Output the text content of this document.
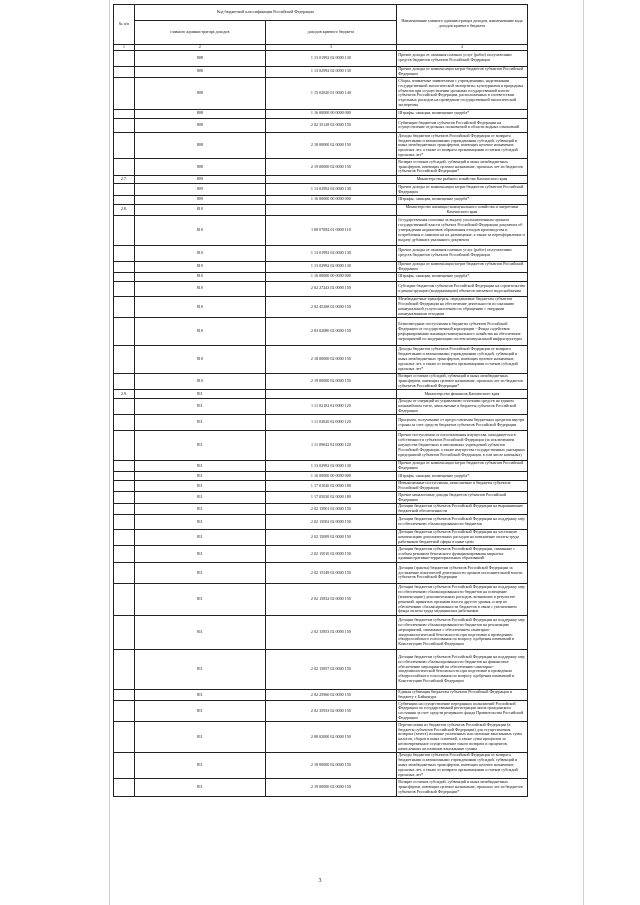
№ п/п	Код бюджетной классификации Российской Федерации		Наименование главного администратора доходов, наименование кода доходов краевого бюджета
	главного администратора доходов	доходов краевого бюджета	
1	2	3	4
	808	1 13 01992 02 0000 130	Прочие доходы от оказания платных услуг (работ) получателями средств бюджетов субъектов Российской Федерации
	808	1 13 02992 02 0000 130	Прочие доходы от компенсации затрат бюджетов субъектов Российской Федерации
	808	1 15 02020 01 0000 140	Сборы, взимаемые заявителями с учреждениями, наделенными государственной экологической экспертизы, культурными и природных объектов при осуществлении органами государственной власти субъектов Российской Федерации, расположенных в соответствии отдельных расходов на проведение государственной экологической экспертизы
	808	1 16 00000 00 0000 000	Штрафы, санкции, возмещение ущерба*
	808	2 02 35128 02 0000 150	Субвенции бюджетам субъектов Российской Федерации на осуществление отдельных полномочий в области водных отношений
	808	2 18 00000 02 0000 150	Доходы бюджетов субъектов Российской Федерации от возврата бюджетными и автономными учреждениями субсидий, субвенций и иных межбюджетных трансфертов, имеющих целевое назначение, прошлых лет, а также от возврата организациями остатков субсидий прошлых лет*
	808	2 19 00000 02 0000 150	Возврат остатков субсидий, субвенций и иных межбюджетных трансфертов, имеющих целевое назначение, прошлых лет из бюджетов субъектов Российской Федерации*
2.7.	809		Министерство рыбного хозяйства Камчатского края
	809	1 13 02992 02 0000 130	Прочие доходы от компенсации затрат бюджетов субъектов Российской Федерации
	809	1 16 00000 00 0000 000	Штрафы, санкции, возмещение ущерба*
2.8.	810		Министерство жилищно-коммунального хозяйства и энергетики Камчатского края
	810	1 08 07082 01 0000 110	Государственная пошлина за выдачу уполномоченным органом государственной власти субъекта Российской Федерации документа об утверждении нормативов образования отходов производства и потребления и лимитов на их размещение, а также за переоформление и выдачу дубликата указанного документа
	810	1 13 01992 02 0000 130	Прочие доходы от оказания платных услуг (работ) получателями средств бюджетов субъектов Российской Федерации
	810	1 13 02992 02 0000 130	Прочие доходы от компенсации затрат бюджетов субъектов Российской Федерации
	810	1 16 00000 00 0000 000	Штрафы, санкции, возмещение ущерба*
	810	2 02 27243 02 0000 150	Субсидии бюджетам субъектов Российской Федерации на строительство и реконструкцию (модернизацию) объектов питьевого водоснабжения
	810	2 02 45268 02 0000 150	Межбюджетные трансферты, передаваемые бюджетам субъектов Российской Федерации на обеспечение деятельности по оказанию коммунальной услуги населению по обращению с твердыми коммунальными отходами
	810	2 03 02080 02 0000 150	Безвозмездные поступления в бюджеты субъектов Российской Федерации от государственной корпорации - Фонда содействия реформированию жилищно-коммунального хозяйства на обеспечение мероприятий по модернизации систем коммунальной инфраструктуры
	810	2 18 00000 02 0000 150	Доходы бюджетов субъектов Российской Федерации от возврата бюджетными и автономными учреждениями субсидий, субвенций и иных межбюджетных трансфертов, имеющих целевое назначение, прошлых лет, а также от возврата организациями остатков субсидий прошлых лет*
	810	2 19 00000 02 0000 150	Возврат остатков субсидий, субвенций и иных межбюджетных трансфертов, имеющих целевое назначение, прошлых лет из бюджетов субъектов Российской Федерации*
2.9.	811		Министерство финансов Камчатского края
	811	1 11 02102 02 0000 120	Доходы от операций по управлению остатками средств на едином казначейском счете, зачисляемые в бюджеты субъектов Российской Федерации
	811	1 11 03020 02 0000 120	Проценты, полученные от предоставления бюджетных кредитов внутри страны за счет средств бюджетов субъектов Российской Федерации
	811	1 11 09042 02 0000 120	Прочие поступления от использования имущества, находящегося в собственности субъектов Российской Федерации (за исключением имущества бюджетных и автономных учреждений субъектов Российской Федерации, а также имущества государственных унитарных предприятий субъектов Российской Федерации, в том числе казенных)
	811	1 13 02992 02 0000 130	Прочие доходы от компенсации затрат бюджетов субъектов Российской Федерации
	811	1 16 00000 00 0000 000	Штрафы, санкции, возмещение ущерба*
	811	1 17 01020 02 0000 180	Невыясненные поступления, зачисляемые в бюджеты субъектов Российской Федерации
	811	1 17 05020 02 0000 180	Прочие неналоговые доходы бюджетов субъектов Российской Федерации
	811	2 02 15001 02 0000 150	Дотации бюджетам субъектов Российской Федерации на выравнивание бюджетной обеспеченности
	811	2 02 15002 02 0000 150	Дотации бюджетам субъектов Российской Федерации на поддержку мер по обеспечению сбалансированности бюджетов
	811	2 02 15009 02 0000 150	Дотации бюджетам субъектов Российской Федерации на частичную компенсацию дополнительных расходов на повышение оплаты труда работников бюджетной сферы и иные цели
	811	2 02 15010 02 0000 150	Дотации бюджетам субъектов Российской Федерации, связанные с особым режимом безопасного функционирования закрытых административно-территориальных образований
	811	2 02 15549 02 0000 150	Дотации (гранты) бюджетам субъектов Российской Федерации за достижение показателей деятельности органов исполнительной власти субъектов Российской Федерации
	811	2 02 15832 02 0000 150	Дотации бюджетам субъектов Российской Федерации на поддержку мер по обеспечению сбалансированности бюджетов на освещение (компенсацию) дополнительных расходов, возникших в результате решений, принятых органами власти другого уровня, и мер по обеспечению сбалансированности бюджетов в связи с увеличением фонда оплаты труда медицинских работников
	811	2 02 15853 02 0000 150	Дотации бюджетам субъектов Российской Федерации на поддержку мер по обеспечению сбалансированности бюджетов на реализацию мероприятий, связанных с обеспечением санитарно-эпидемиологической безопасности при подготовке к проведению общероссийского голосования по вопросу одобрения изменений в Конституцию Российской Федерации
	811	2 02 15857 02 0000 150	Дотации бюджетам субъектов Российской Федерации на поддержку мер по обеспечению сбалансированности бюджетов на финансовое обеспечение мероприятий по обеспечению санитарно-эпидемиологической безопасности при подготовке и проведении общероссийского голосования по вопросу одобрения изменений в Конституцию Российской Федерации
	811	2 02 25960 02 0000 150	Единая субвенция бюджетам субъектов Российской Федерации и бюджету г. Байконура
	811	2 02 35933 02 0000 150	Субвенции на осуществление переданных полномочий Российской Федерации по государственной регистрации актов гражданского состояния за счет средств резервного фонда Правительства Российской Федерации
	811	2 08 02000 02 0000 150	Перечисления из бюджетов субъектов Российской Федерации (в бюджеты субъектов Российской Федерации) для осуществления возврата (зачета) излишне уплаченных или излишне взысканных сумм налогов, сборов и иных платежей, а также сумм процентов за несвоевременное осуществление такого возврата и процентов, начисленных на излишне взысканные суммы
	811	2 18 00000 02 0000 150	Доходы бюджетов субъектов Российской Федерации от возврата бюджетными и автономными учреждениями субсидий, субвенций и иных межбюджетных трансфертов, имеющих целевое назначение, прошлых лет, а также от возврата организациями остатков субсидий прошлых лет*
	811	2 19 00000 02 0000 150	Возврат остатков субсидий, субвенций и иных межбюджетных трансфертов, имеющих целевое назначение, прошлых лет из бюджетов субъектов Российской Федерации*
3
